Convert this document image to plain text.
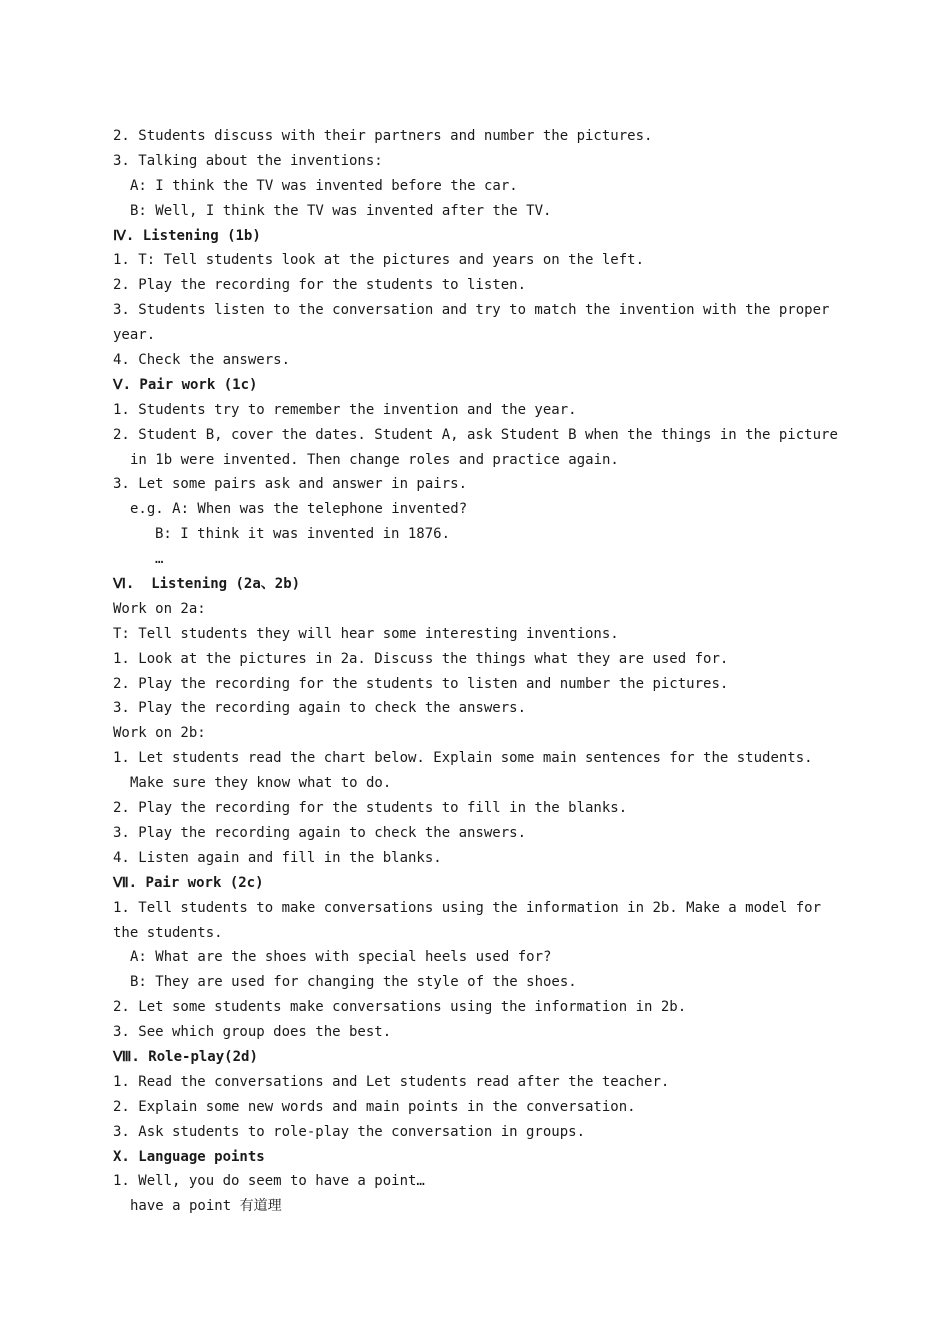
2. Students discuss with their partners and number the pictures.
3. Talking about the inventions:
A: I think the TV was invented before the car.
B: Well, I think the TV was invented after the TV.
Ⅳ. Listening (1b)
1. T: Tell students look at the pictures and years on the left.
2. Play the recording for the students to listen.
3. Students listen to the conversation and try to match the invention with the proper
year.
4. Check the answers.
Ⅴ. Pair work (1c)
1. Students try to remember the invention and the year.
2. Student B, cover the dates. Student A, ask Student B when the things in the picture
in 1b were invented. Then change roles and practice again.
3. Let some pairs ask and answer in pairs.
e.g. A: When was the telephone invented?
B: I think it was invented in 1876.
…
Ⅵ.  Listening (2a、2b)
Work on 2a:
T: Tell students they will hear some interesting inventions.
1. Look at the pictures in 2a. Discuss the things what they are used for.
2. Play the recording for the students to listen and number the pictures.
3. Play the recording again to check the answers.
Work on 2b:
1. Let students read the chart below. Explain some main sentences for the students.
Make sure they know what to do.
2. Play the recording for the students to fill in the blanks.
3. Play the recording again to check the answers.
4. Listen again and fill in the blanks.
Ⅶ. Pair work (2c)
1. Tell students to make conversations using the information in 2b. Make a model for
the students.
A: What are the shoes with special heels used for?
B: They are used for changing the style of the shoes.
2. Let some students make conversations using the information in 2b.
3. See which group does the best.
Ⅷ. Role-play(2d)
1. Read the conversations and Let students read after the teacher.
2. Explain some new words and main points in the conversation.
3. Ask students to role-play the conversation in groups.
X. Language points
1. Well, you do seem to have a point…
have a point 有道理
